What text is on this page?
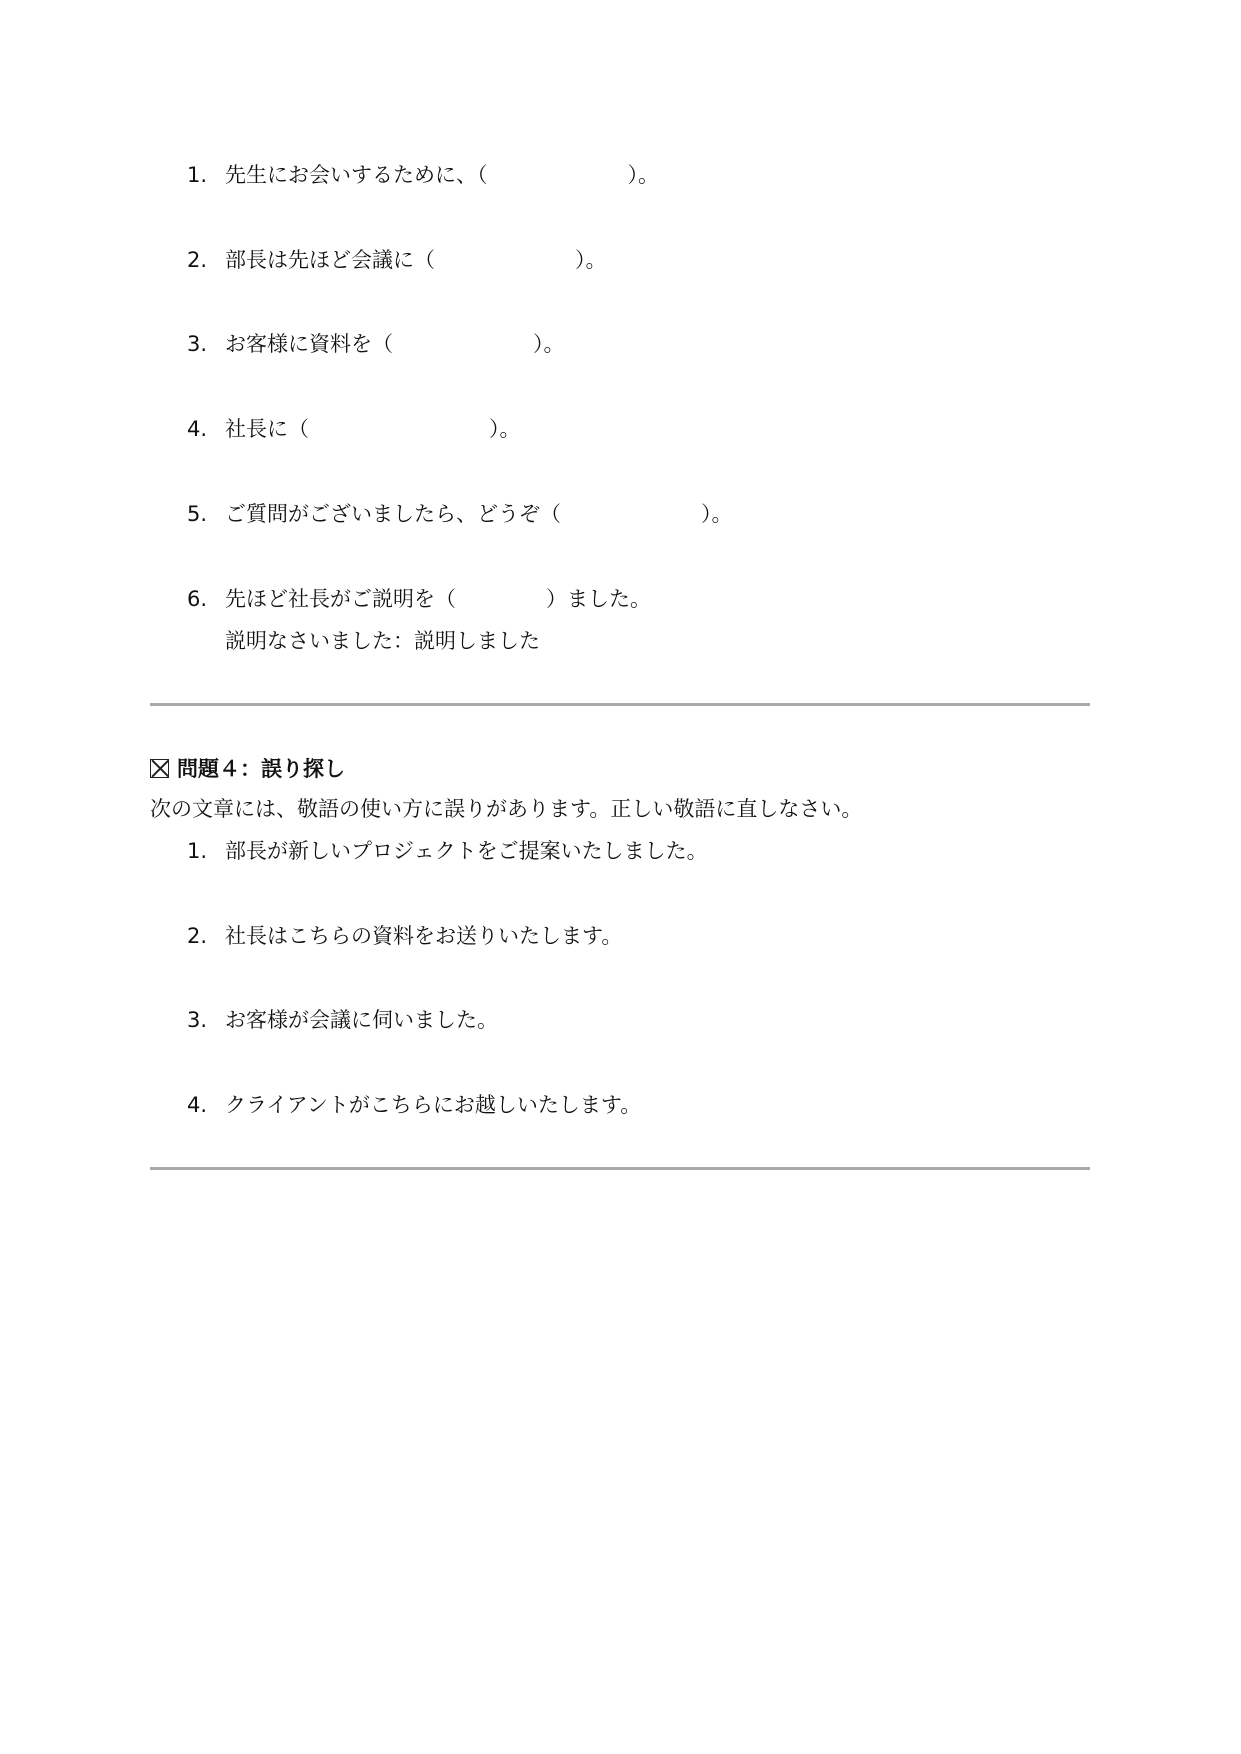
1. 先生にお会いするために、（	）。
2. 部長は先ほど会議に（	）。
3. お客様に資料を（	）。
4. 社長に（	）。
5. ご質問がございましたら、どうぞ（	）。
6. 先ほど社長がご説明を（	）ました。
説明なさいました：説明しました
問題４：誤り探し
次の文章には、敬語の使い方に誤りがあります。正しい敬語に直しなさい。
1. 部長が新しいプロジェクトをご提案いたしました。
2. 社長はこちらの資料をお送りいたします。
3. お客様が会議に伺いました。
4. クライアントがこちらにお越しいたします。
